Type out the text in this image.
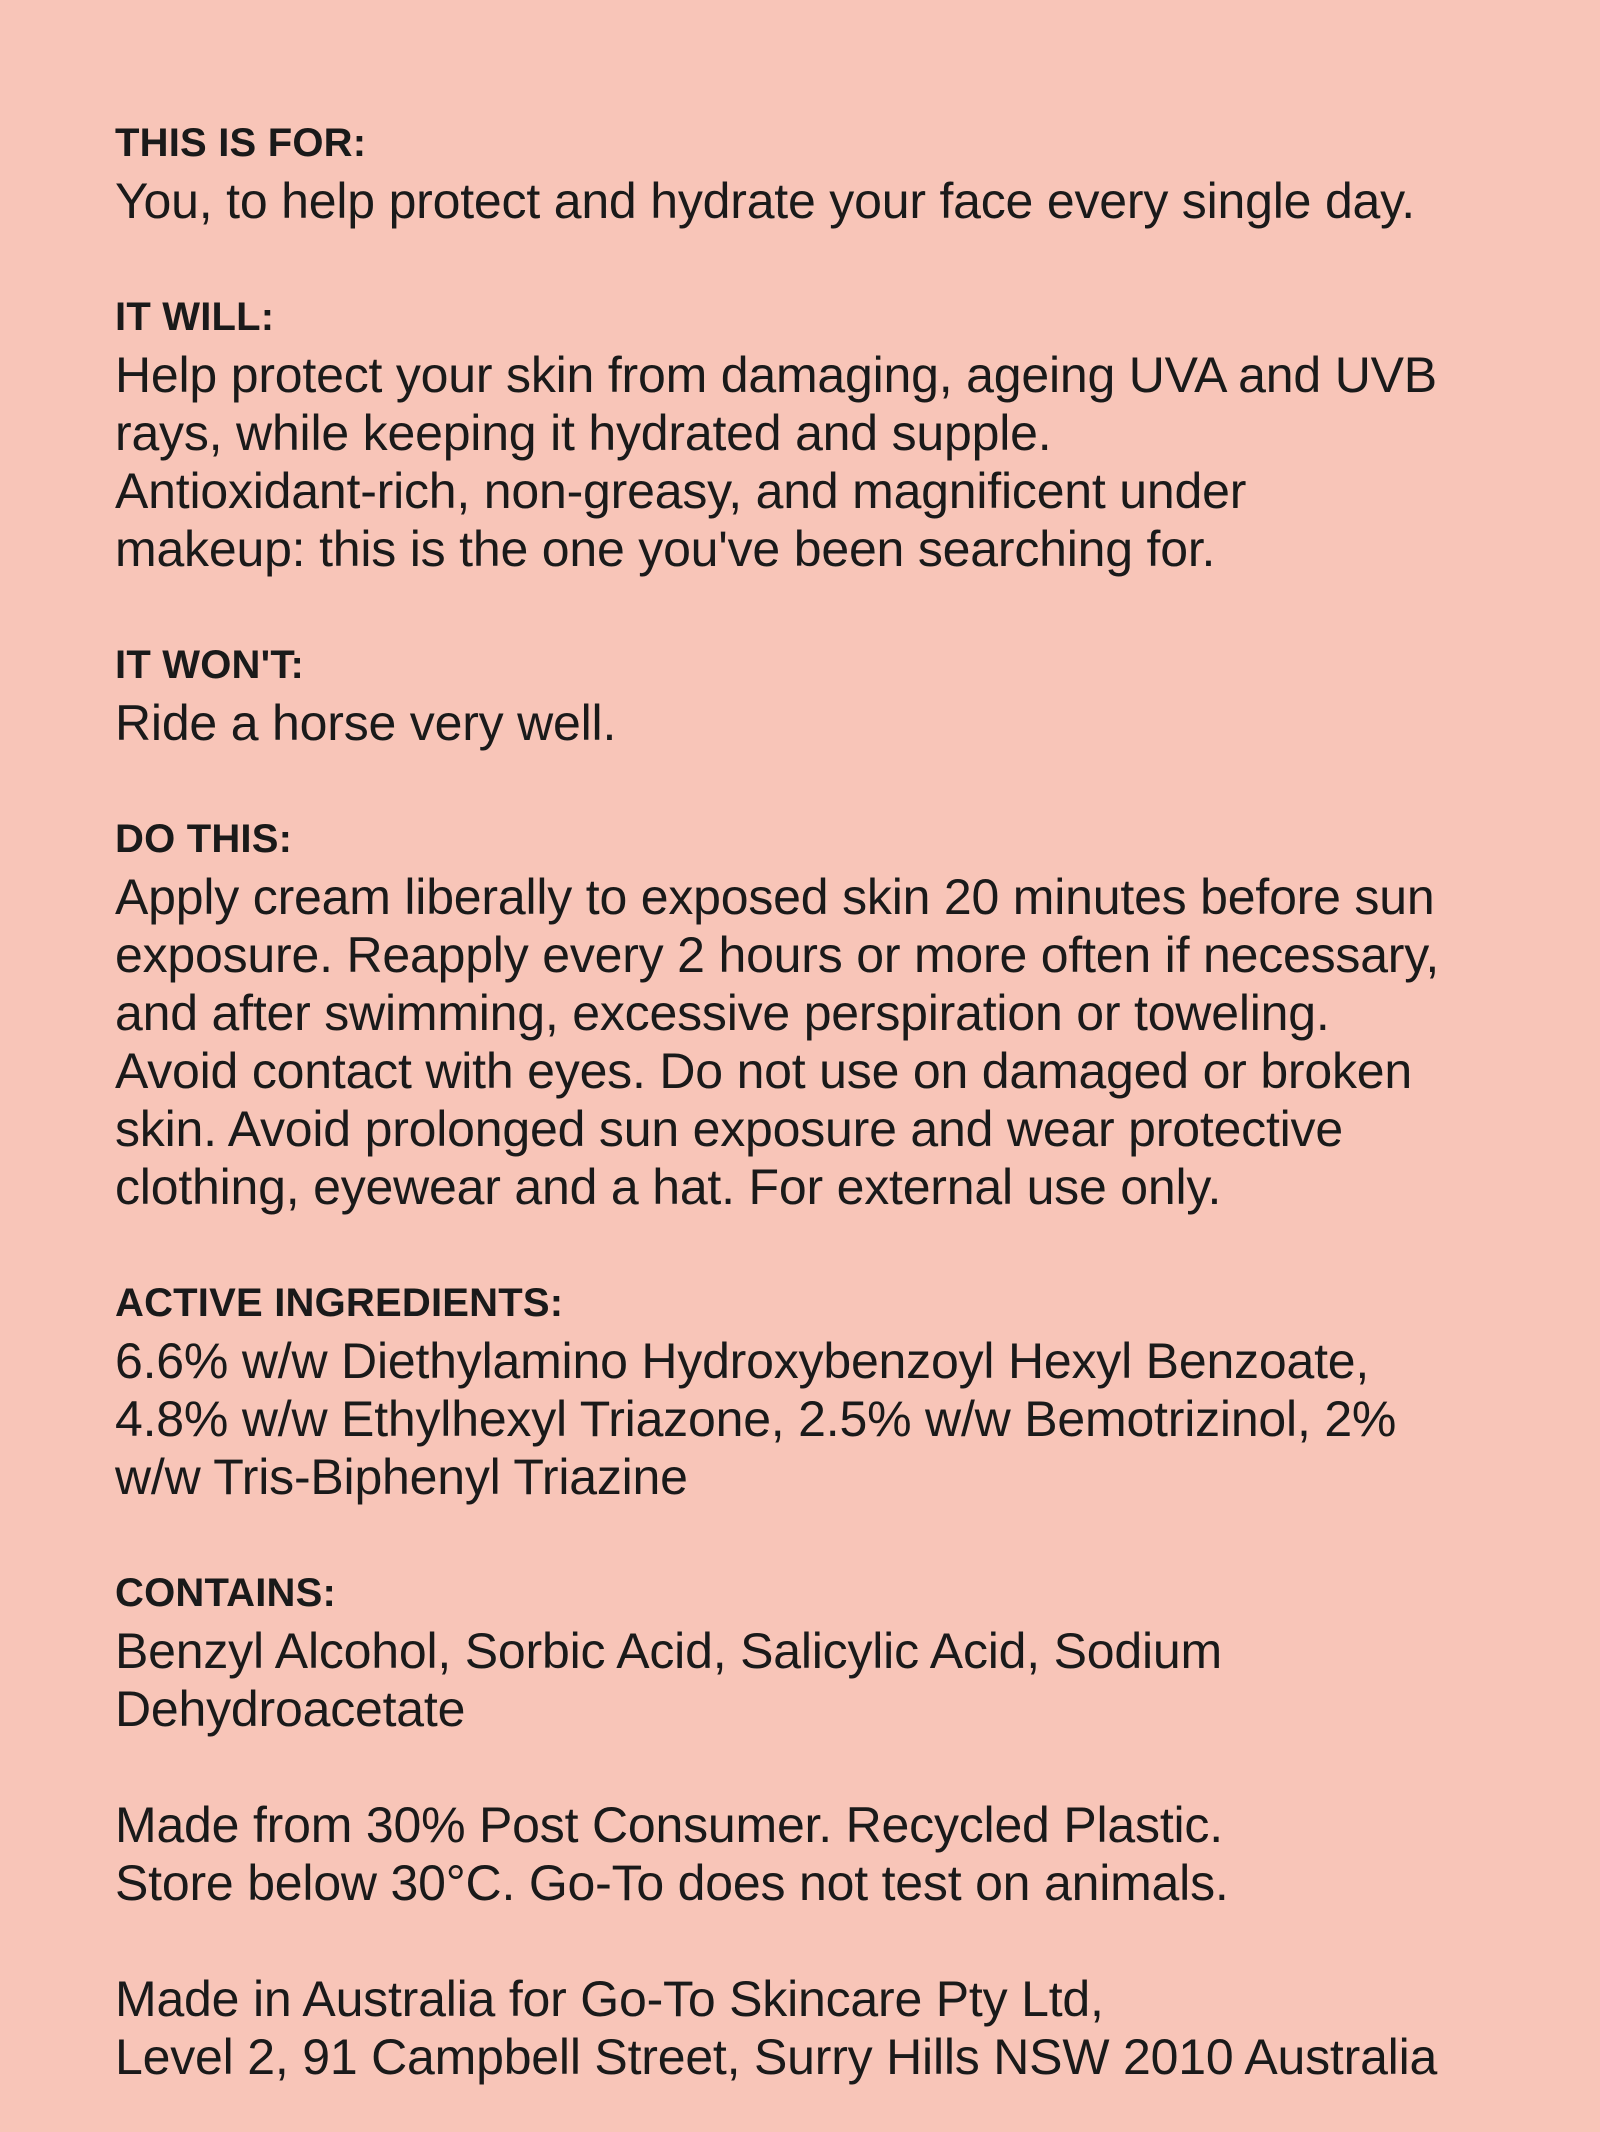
THIS IS FOR:
You, to help protect and hydrate your face every single day.
IT WILL:
Help protect your skin from damaging, ageing UVA and UVB
rays, while keeping it hydrated and supple.
Antioxidant-rich, non-greasy, and magnificent under
makeup: this is the one you've been searching for.
IT WON'T:
Ride a horse very well.
DO THIS:
Apply cream liberally to exposed skin 20 minutes before sun
exposure. Reapply every 2 hours or more often if necessary,
and after swimming, excessive perspiration or toweling.
Avoid contact with eyes. Do not use on damaged or broken
skin. Avoid prolonged sun exposure and wear protective
clothing, eyewear and a hat. For external use only.
ACTIVE INGREDIENTS:
6.6% w/w Diethylamino Hydroxybenzoyl Hexyl Benzoate,
4.8% w/w Ethylhexyl Triazone, 2.5% w/w Bemotrizinol, 2%
w/w Tris-Biphenyl Triazine
CONTAINS:
Benzyl Alcohol, Sorbic Acid, Salicylic Acid, Sodium
Dehydroacetate
Made from 30% Post Consumer. Recycled Plastic.
Store below 30°C. Go-To does not test on animals.
Made in Australia for Go-To Skincare Pty Ltd,
Level 2, 91 Campbell Street, Surry Hills NSW 2010 Australia
